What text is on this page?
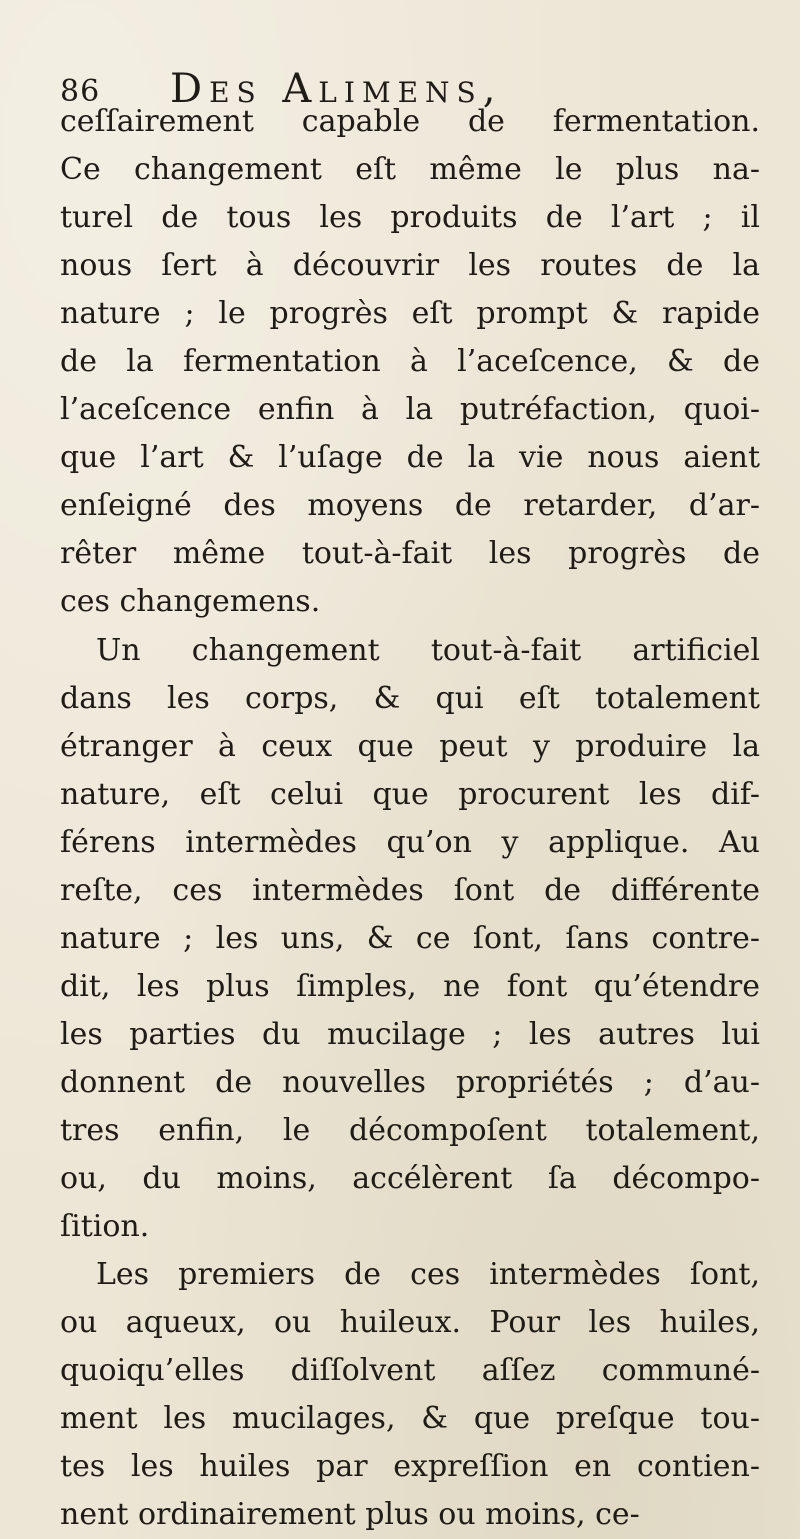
86 Des Alimens,
ceſſairement capable de fermentation.
Ce changement eſt même le plus na-
turel de tous les produits de l’art ; il
nous ſert à découvrir les routes de la
nature ; le progrès eſt prompt & rapide
de la fermentation à l’aceſcence, & de
l’aceſcence enfin à la putréfaction, quoi-
que l’art & l’uſage de la vie nous aient
enſeigné des moyens de retarder, d’ar-
rêter même tout-à-fait les progrès de
ces changemens.
Un changement tout-à-fait artificiel
dans les corps, & qui eſt totalement
étranger à ceux que peut y produire la
nature, eſt celui que procurent les dif-
férens intermèdes qu’on y applique. Au
reſte, ces intermèdes ſont de différente
nature ; les uns, & ce ſont, ſans contre-
dit, les plus ſimples, ne font qu’étendre
les parties du mucilage ; les autres lui
donnent de nouvelles propriétés ; d’au-
tres enfin, le décompoſent totalement,
ou, du moins, accélèrent ſa décompo-
ſition.
Les premiers de ces intermèdes ſont,
ou aqueux, ou huileux. Pour les huiles,
quoiqu’elles diſſolvent aſſez communé-
ment les mucilages, & que preſque tou-
tes les huiles par expreſſion en contien-
nent ordinairement plus ou moins, ce-
